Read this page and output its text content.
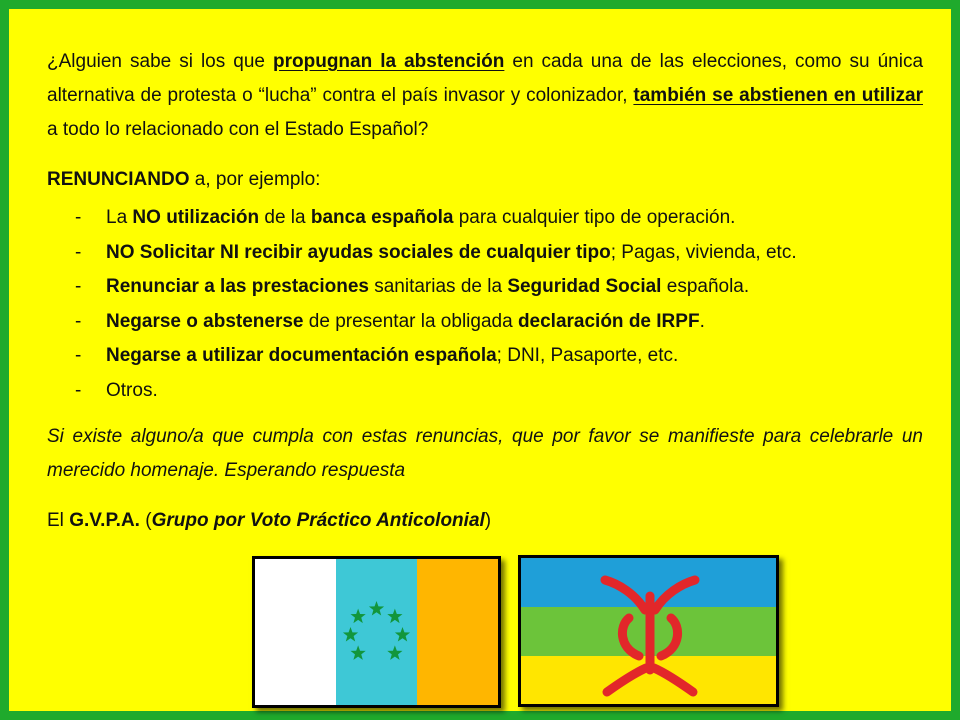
¿Alguien sabe si los que propugnan la abstención en cada una de las elecciones, como su única alternativa de protesta o “lucha” contra el país invasor y colonizador, también se abstienen en utilizar a todo lo relacionado con el Estado Español?

RENUNCIANDO a, por ejemplo:

- La NO utilización de la banca española para cualquier tipo de operación.
- NO Solicitar NI recibir ayudas sociales de cualquier tipo; Pagas, vivienda, etc.
- Renunciar a las prestaciones sanitarias de la Seguridad Social española.
- Negarse o abstenerse de presentar la obligada declaración de IRPF.
- Negarse a utilizar documentación española; DNI, Pasaporte, etc.
- Otros.

Si existe alguno/a que cumpla con estas renuncias, que por favor se manifieste para celebrarle un merecido homenaje. Esperando respuesta

El G.V.P.A. (Grupo por Voto Práctico Anticolonial)
